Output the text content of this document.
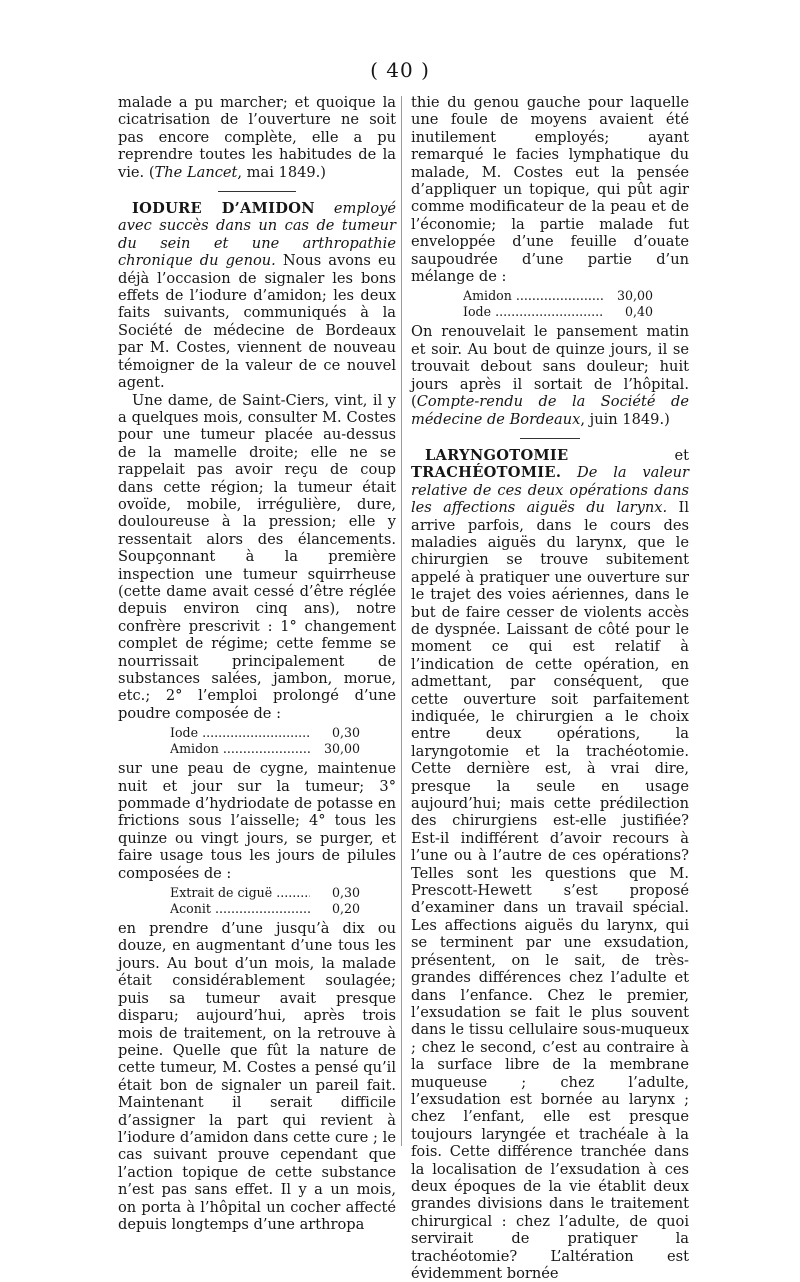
( 40 )

malade a pu marcher; et quoique la cicatrisation de l’ouverture ne soit pas encore complète, elle a pu reprendre toutes les habitudes de la vie. (The Lancet, mai 1849.)

IODURE D’AMIDON employé avec succès dans un cas de tumeur du sein et une arthropathie chronique du genou. Nous avons eu déjà l’occasion de signaler les bons effets de l’iodure d’amidon; les deux faits suivants, communiqués à la Société de médecine de Bordeaux par M. Costes, viennent de nouveau témoigner de la valeur de ce nouvel agent.

Une dame, de Saint-Ciers, vint, il y a quelques mois, consulter M. Costes pour une tumeur placée au-dessus de la mamelle droite; elle ne se rappelait pas avoir reçu de coup dans cette région; la tumeur était ovoïde, mobile, irrégulière, dure, douloureuse à la pression; elle y ressentait alors des élancements. Soupçonnant à la première inspection une tumeur squirrheuse (cette dame avait cessé d’être réglée depuis environ cinq ans), notre confrère prescrivit : 1° changement complet de régime; cette femme se nourrissait principalement de substances salées, jambon, morue, etc.; 2° l’emploi prolongé d’une poudre composée de :

Iode .....	0,30
Amidon .....	30,00

sur une peau de cygne, maintenue nuit et jour sur la tumeur; 3° pommade d’hydriodate de potasse en frictions sous l’aisselle; 4° tous les quinze ou vingt jours, se purger, et faire usage tous les jours de pilules composées de :

Extrait de ciguë .....	0,30
Aconit .....	0,20

en prendre d’une jusqu’à dix ou douze, en augmentant d’une tous les jours. Au bout d’un mois, la malade était considérablement soulagée; puis sa tumeur avait presque disparu; aujourd’hui, après trois mois de traitement, on la retrouve à peine. Quelle que fût la nature de cette tumeur, M. Costes a pensé qu’il était bon de signaler un pareil fait. Maintenant il serait difficile d’assigner la part qui revient à l’iodure d’amidon dans cette cure ; le cas suivant prouve cependant que l’action topique de cette substance n’est pas sans effet. Il y a un mois, on porta à l’hôpital un cocher affecté depuis longtemps d’une arthropa

thie du genou gauche pour laquelle une foule de moyens avaient été inutilement employés; ayant remarqué le facies lymphatique du malade, M. Costes eut la pensée d’appliquer un topique, qui pût agir comme modificateur de la peau et de l’économie; la partie malade fut enveloppée d’une feuille d’ouate saupoudrée d’une partie d’un mélange de :

Amidon .....	30,00
Iode .....	0,40

On renouvelait le pansement matin et soir. Au bout de quinze jours, il se trouvait debout sans douleur; huit jours après il sortait de l’hôpital. (Compte-rendu de la Société de médecine de Bordeaux, juin 1849.)

LARYNGOTOMIE et TRACHÉOTOMIE. De la valeur relative de ces deux opérations dans les affections aiguës du larynx. Il arrive parfois, dans le cours des maladies aiguës du larynx, que le chirurgien se trouve subitement appelé à pratiquer une ouverture sur le trajet des voies aériennes, dans le but de faire cesser de violents accès de dyspnée. Laissant de côté pour le moment ce qui est relatif à l’indication de cette opération, en admettant, par conséquent, que cette ouverture soit parfaitement indiquée, le chirurgien a le choix entre deux opérations, la laryngotomie et la trachéotomie. Cette dernière est, à vrai dire, presque la seule en usage aujourd’hui; mais cette prédilection des chirurgiens est-elle justifiée? Est-il indifférent d’avoir recours à l’une ou à l’autre de ces opérations? Telles sont les questions que M. Prescott-Hewett s’est proposé d’examiner dans un travail spécial. Les affections aiguës du larynx, qui se terminent par une exsudation, présentent, on le sait, de très-grandes différences chez l’adulte et dans l’enfance. Chez le premier, l’exsudation se fait le plus souvent dans le tissu cellulaire sous-muqueux ; chez le second, c’est au contraire à la surface libre de la membrane muqueuse ; chez l’adulte, l’exsudation est bornée au larynx ; chez l’enfant, elle est presque toujours laryngée et trachéale à la fois. Cette différence tranchée dans la localisation de l’exsudation à ces deux époques de la vie établit deux grandes divisions dans le traitement chirurgical : chez l’adulte, de quoi servirait de pratiquer la trachéotomie? L’altération est évidemment bornée
